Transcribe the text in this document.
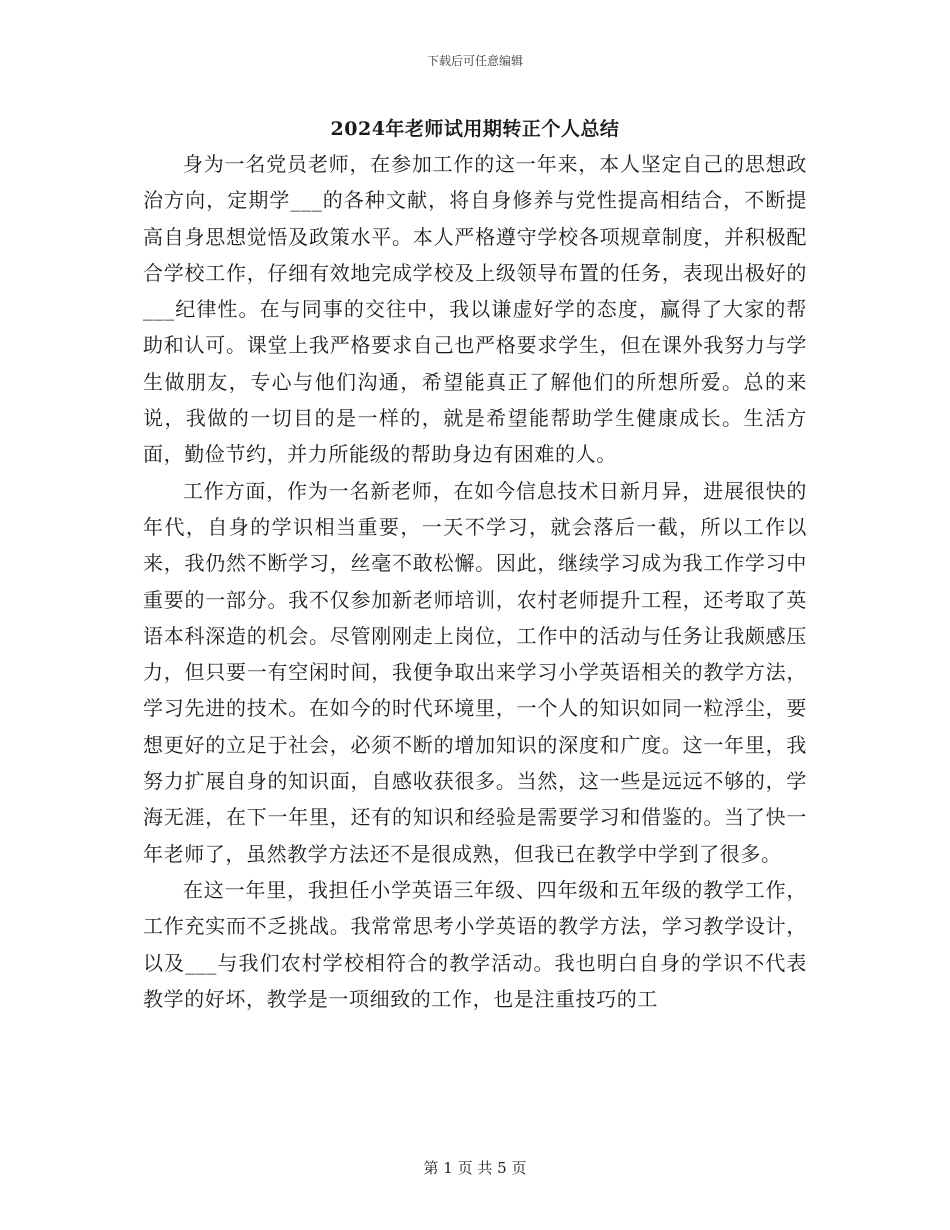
下载后可任意编辑
2024年老师试用期转正个人总结

身为一名党员老师，在参加工作的这一年来，本人坚定自己的思想政治方向，定期学___的各种文献，将自身修养与党性提高相结合，不断提高自身思想觉悟及政策水平。本人严格遵守学校各项规章制度，并积极配合学校工作，仔细有效地完成学校及上级领导布置的任务，表现出极好的___纪律性。在与同事的交往中，我以谦虚好学的态度，赢得了大家的帮助和认可。课堂上我严格要求自己也严格要求学生，但在课外我努力与学生做朋友，专心与他们沟通，希望能真正了解他们的所想所爱。总的来说，我做的一切目的是一样的，就是希望能帮助学生健康成长。生活方面，勤俭节约，并力所能级的帮助身边有困难的人。

工作方面，作为一名新老师，在如今信息技术日新月异，进展很快的年代，自身的学识相当重要，一天不学习，就会落后一截，所以工作以来，我仍然不断学习，丝毫不敢松懈。因此，继续学习成为我工作学习中重要的一部分。我不仅参加新老师培训，农村老师提升工程，还考取了英语本科深造的机会。尽管刚刚走上岗位，工作中的活动与任务让我颇感压力，但只要一有空闲时间，我便争取出来学习小学英语相关的教学方法，学习先进的技术。在如今的时代环境里，一个人的知识如同一粒浮尘，要想更好的立足于社会，必须不断的增加知识的深度和广度。这一年里，我努力扩展自身的知识面，自感收获很多。当然，这一些是远远不够的，学海无涯，在下一年里，还有的知识和经验是需要学习和借鉴的。当了快一年老师了，虽然教学方法还不是很成熟，但我已在教学中学到了很多。

在这一年里，我担任小学英语三年级、四年级和五年级的教学工作，工作充实而不乏挑战。我常常思考小学英语的教学方法，学习教学设计，以及___与我们农村学校相符合的教学活动。我也明白自身的学识不代表教学的好坏，教学是一项细致的工作，也是注重技巧的工

第 1 页 共 5 页
